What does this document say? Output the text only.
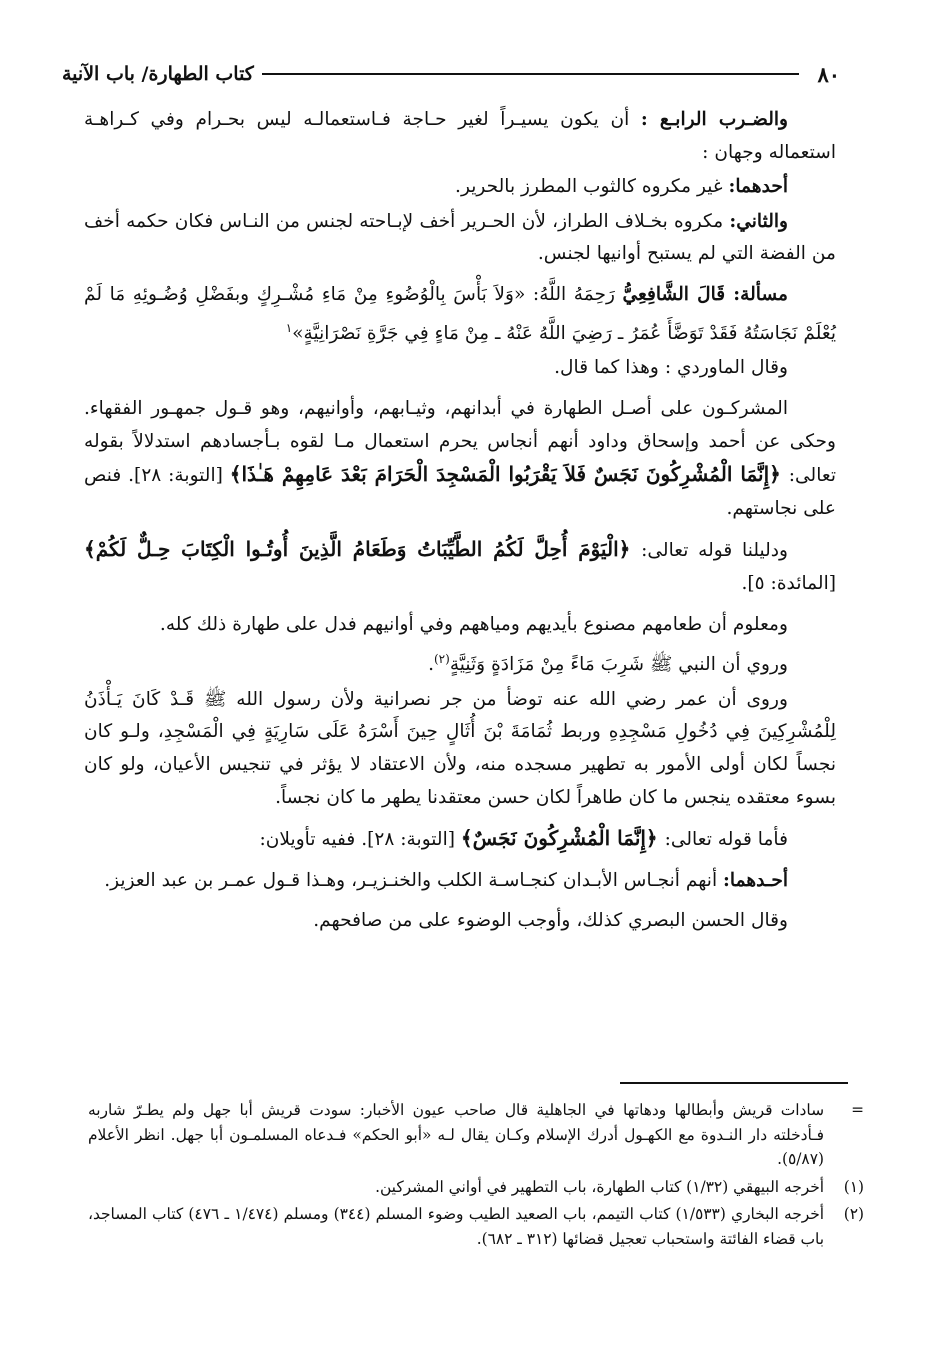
٨٠
كتاب الطهارة/ باب الآنية

والضـرب الرابـع : أن يكون يسيـراً لغير حـاجة فـاستعمالـه ليس بحـرام وفي كـراهـة استعماله وجهان :

أحدهما: غير مكروه كالثوب المطرز بالحرير.

والثاني: مكروه بخـلاف الطراز، لأن الحـرير أخف لإبـاحته لجنس من النـاس فكان حكمه أخف من الفضة التي لم يستبح أوانيها لجنس.

مسألة: قَالَ الشَّافِعِيُّ رَحِمَهُ اللَّهُ: «وَلاَ بَأْسَ بِالْوُضُوءِ مِنْ مَاءِ مُشْـرِكٍ وبفَضْلِ وُضُـوئِهِ مَا لَمْ يُعْلَمْ نَجَاسَتُهُ فَقَدْ تَوَضَّأَ عُمَرُ ـ رَضِيَ اللَّهُ عَنْهُ ـ مِنْ مَاءٍ فِي جَرَّةِ نَصْرَانِيَّةٍ»$^١$

وقال الماوردي : وهذا كما قال.

المشركـون على أصـل الطهارة في أبدانهم، وثيـابهم، وأوانيهم، وهو قـول جمهـور الفقهاء. وحكى عن أحمد وإسحاق وداود أنهم أنجاس يحرم استعمال مـا لقوه بـأجسادهم استدلالاً بقوله تعالى: ﴿إِنَّمَا الْمُشْرِكُونَ نَجَسٌ فَلاَ يَقْرَبُوا الْمَسْجِدَ الْحَرَامَ بَعْدَ عَامِهِمْ هَـٰذَا﴾ [التوبة: ٢٨]. فنص على نجاستهم.

ودليلنا قوله تعالى: ﴿الْيَوْمَ أُحِلَّ لَكُمُ الطَّيِّبَاتُ وَطَعَامُ الَّذِينَ أُوتُـوا الْكِتَابَ حِـلٌّ لَكُمْ﴾ [المائدة: ٥].

ومعلوم أن طعامهم مصنوع بأيديهم ومياههم وفي أوانيهم فدل على طهارة ذلك كله.

وروي أن النبي ﷺ شَرِبَ مَاءً مِنْ مَزَادَةٍ وَثَنِيَّةٍ$^{(٢)}$.

وروى أن عمر رضي الله عنه توضأ من جر نصرانية ولأن رسول الله ﷺ قَـدْ كَانَ يَـأْذَنُ لِلْمُشْرِكِينَ فِي دُخُولِ مَسْجِدِهِ وربط ثُمَامَةَ بْنَ أُثَالٍ حِينَ أَسْرَهُ عَلَى سَارِيَةٍ فِي الْمَسْجِدِ، ولـو كان نجساً لكان أولى الأمور به تطهير مسجده منه، ولأن الاعتقاد لا يؤثر في تنجيس الأعيان، ولو كان بسوء معتقده ينجس ما كان طاهراً لكان حسن معتقدنا يطهر ما كان نجساً.

فأما قوله تعالى: ﴿إِنَّمَا الْمُشْرِكُونَ نَجَسٌ﴾ [التوبة: ٢٨]. ففيه تأويلان:

أحـدهما: أنهم أنجـاس الأبـدان كنجـاسـة الكلب والخنـزيـر، وهـذا قـول عمـر بن عبد العزيز.

وقال الحسن البصري كذلك، وأوجب الوضوء على من صافحهم.

=
سادات قريش وأبطالها ودهاتها في الجاهلية قال صاحب عيون الأخبار: سودت قريش أبا جهل ولم يطـرّ شاربه فـأدخلته دار النـدوة مع الكهـول أدرك الإسلام وكـان يقال لـه «أبو الحكم» فـدعاه المسلمـون أبا جهل. انظر الأعلام (٥/٨٧).
(١)
أخرجه البيهقي (١/٣٢) كتاب الطهارة، باب التطهير في أواني المشركين.
(٢)
أخرجه البخاري (١/٥٣٣) كتاب التيمم، باب الصعيد الطيب وضوء المسلم (٣٤٤) ومسلم (١/٤٧٤ ـ ٤٧٦) كتاب المساجد، باب قضاء الفائتة واستحباب تعجيل قضائها (٣١٢ ـ ٦٨٢).
